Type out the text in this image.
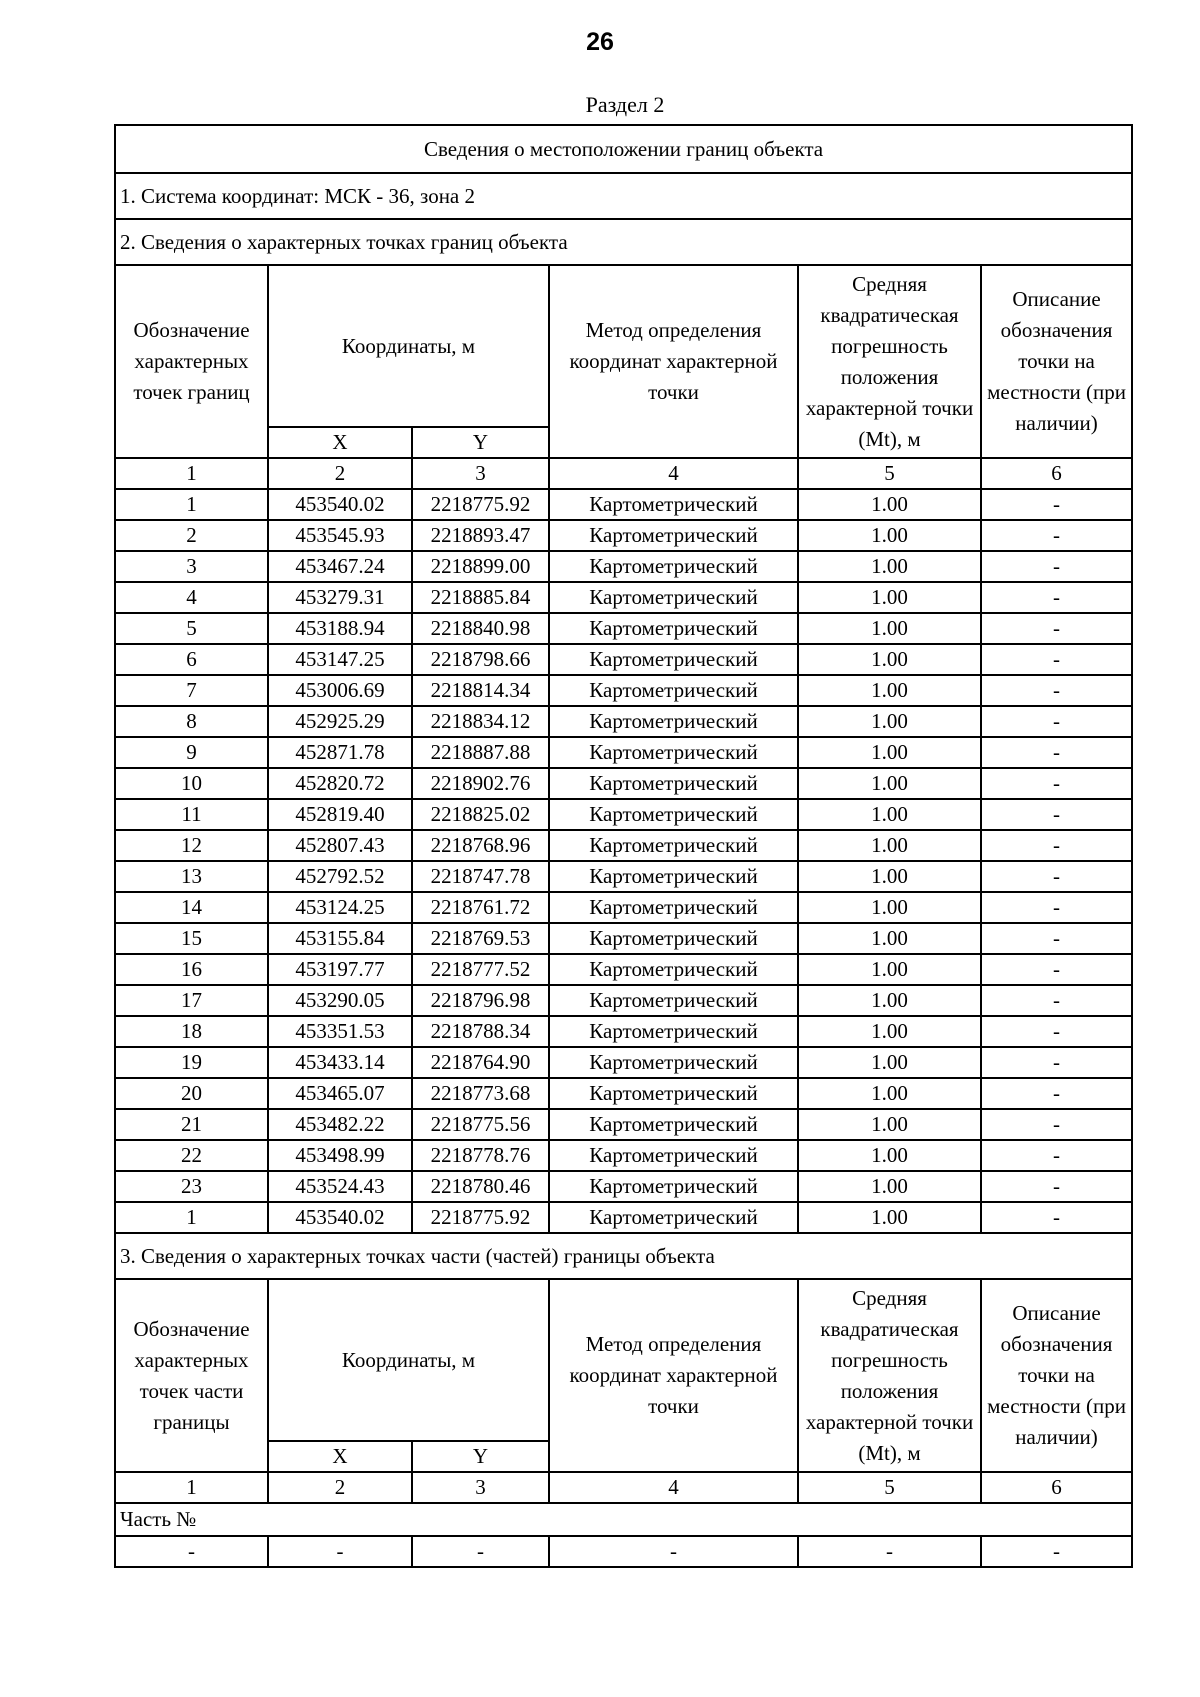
26
Раздел 2
Сведения о местоположении границ объекта					
1. Система координат: МСК - 36, зона 2					
2. Сведения о характерных точках границ объекта					
Обозначение характерных точек границ	Координаты, м		Метод определения координат характерной точки	Средняя квадратическая погрешность положения характерной точки (Mt), м	Описание обозначения точки на местности (при наличии)
	X	Y			
1	2	3	4	5	6
1	453540.02	2218775.92	Картометрический	1.00	-
2	453545.93	2218893.47	Картометрический	1.00	-
3	453467.24	2218899.00	Картометрический	1.00	-
4	453279.31	2218885.84	Картометрический	1.00	-
5	453188.94	2218840.98	Картометрический	1.00	-
6	453147.25	2218798.66	Картометрический	1.00	-
7	453006.69	2218814.34	Картометрический	1.00	-
8	452925.29	2218834.12	Картометрический	1.00	-
9	452871.78	2218887.88	Картометрический	1.00	-
10	452820.72	2218902.76	Картометрический	1.00	-
11	452819.40	2218825.02	Картометрический	1.00	-
12	452807.43	2218768.96	Картометрический	1.00	-
13	452792.52	2218747.78	Картометрический	1.00	-
14	453124.25	2218761.72	Картометрический	1.00	-
15	453155.84	2218769.53	Картометрический	1.00	-
16	453197.77	2218777.52	Картометрический	1.00	-
17	453290.05	2218796.98	Картометрический	1.00	-
18	453351.53	2218788.34	Картометрический	1.00	-
19	453433.14	2218764.90	Картометрический	1.00	-
20	453465.07	2218773.68	Картометрический	1.00	-
21	453482.22	2218775.56	Картометрический	1.00	-
22	453498.99	2218778.76	Картометрический	1.00	-
23	453524.43	2218780.46	Картометрический	1.00	-
1	453540.02	2218775.92	Картометрический	1.00	-
3. Сведения о характерных точках части (частей) границы объекта					
Обозначение характерных точек части границы	Координаты, м		Метод определения координат характерной точки	Средняя квадратическая погрешность положения характерной точки (Mt), м	Описание обозначения точки на местности (при наличии)
	X	Y			
1	2	3	4	5	6
Часть №					
-	-	-	-	-	-
